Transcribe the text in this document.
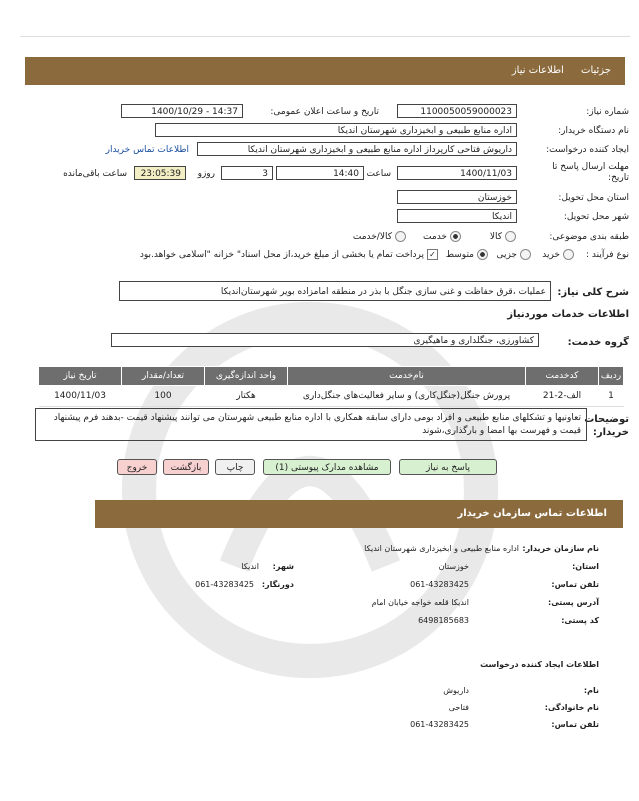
جزئیات اطلاعات نیاز
شماره نیاز:
1100050059000023
تاریخ و ساعت اعلان عمومی:
1400/10/29 - 14:37
نام دستگاه خریدار:
اداره منابع طبیعی و ابخیزداری شهرستان اندیکا
ایجاد کننده درخواست:
داریوش فتاحی کارپرداز اداره منابع طبیعی و ابخیزداری شهرستان اندیکا
اطلاعات تماس خریدار
مهلت ارسال پاسخ تا تاریخ:
1400/11/03
ساعت
14:40
3
روزو
23:05:39
ساعت باقی‌مانده
استان محل تحویل:
خوزستان
شهر محل تحویل:
اندیکا
طبقه بندی موضوعی:
کالا
خدمت
کالا/خدمت
نوع فرآیند :
خرید
جزیی
متوسط
✓پرداخت تمام یا بخشی از مبلغ خرید،از محل اسناد" خزانه "اسلامی خواهد.بود
شرح کلی نیاز:
عملیات ،قرق حفاظت و غنی سازی جنگل با بذر در منطقه امامزاده بویر شهرستان‌اندیکا
اطلاعات خدمات مورد‌نیاز
گروه خدمت:
کشاورزی، جنگلداری و ماهیگیری
ردیف	کدخدمت	نام‌خدمت	واحد اندازه‌گیری	تعداد/مقدار	تاریخ نیاز
1	الف-2-21	پرورش جنگل(جنگل‌کاری) و سایر فعالیت‌های جنگل‌داری	هکتار	100	1400/11/03
توضیحات خریدار:
تعاونیها و تشکلهای منابع طبیعی و افراد بومی دارای سابقه همکاری با اداره منابع طبیعی شهرستان می توانند پیشنهاد قیمت -بدهند فرم پیشنهاد قیمت و فهرست بها امضا و بارگذاری،شوند
پاسخ به نیاز
مشاهده مدارک پیوستی (1)
چاپ
بازگشت
خروج
اطلاعات تماس سازمان خریدار
نام سازمان خریدار:
اداره منابع طبیعی و ابخیزداری شهرستان اندیکا
استان:
خوزستان
شهر:
اندیکا
تلفن تماس:
061-43283425
دورنگار:
061-43283425
آدرس پستی:
اندیکا قلعه خواجه خیابان امام
کد پستی:
6498185683
اطلاعات ایجاد کننده درخواست
نام:
داریوش
نام خانوادگی:
فتاحی
تلفن تماس:
061-43283425
